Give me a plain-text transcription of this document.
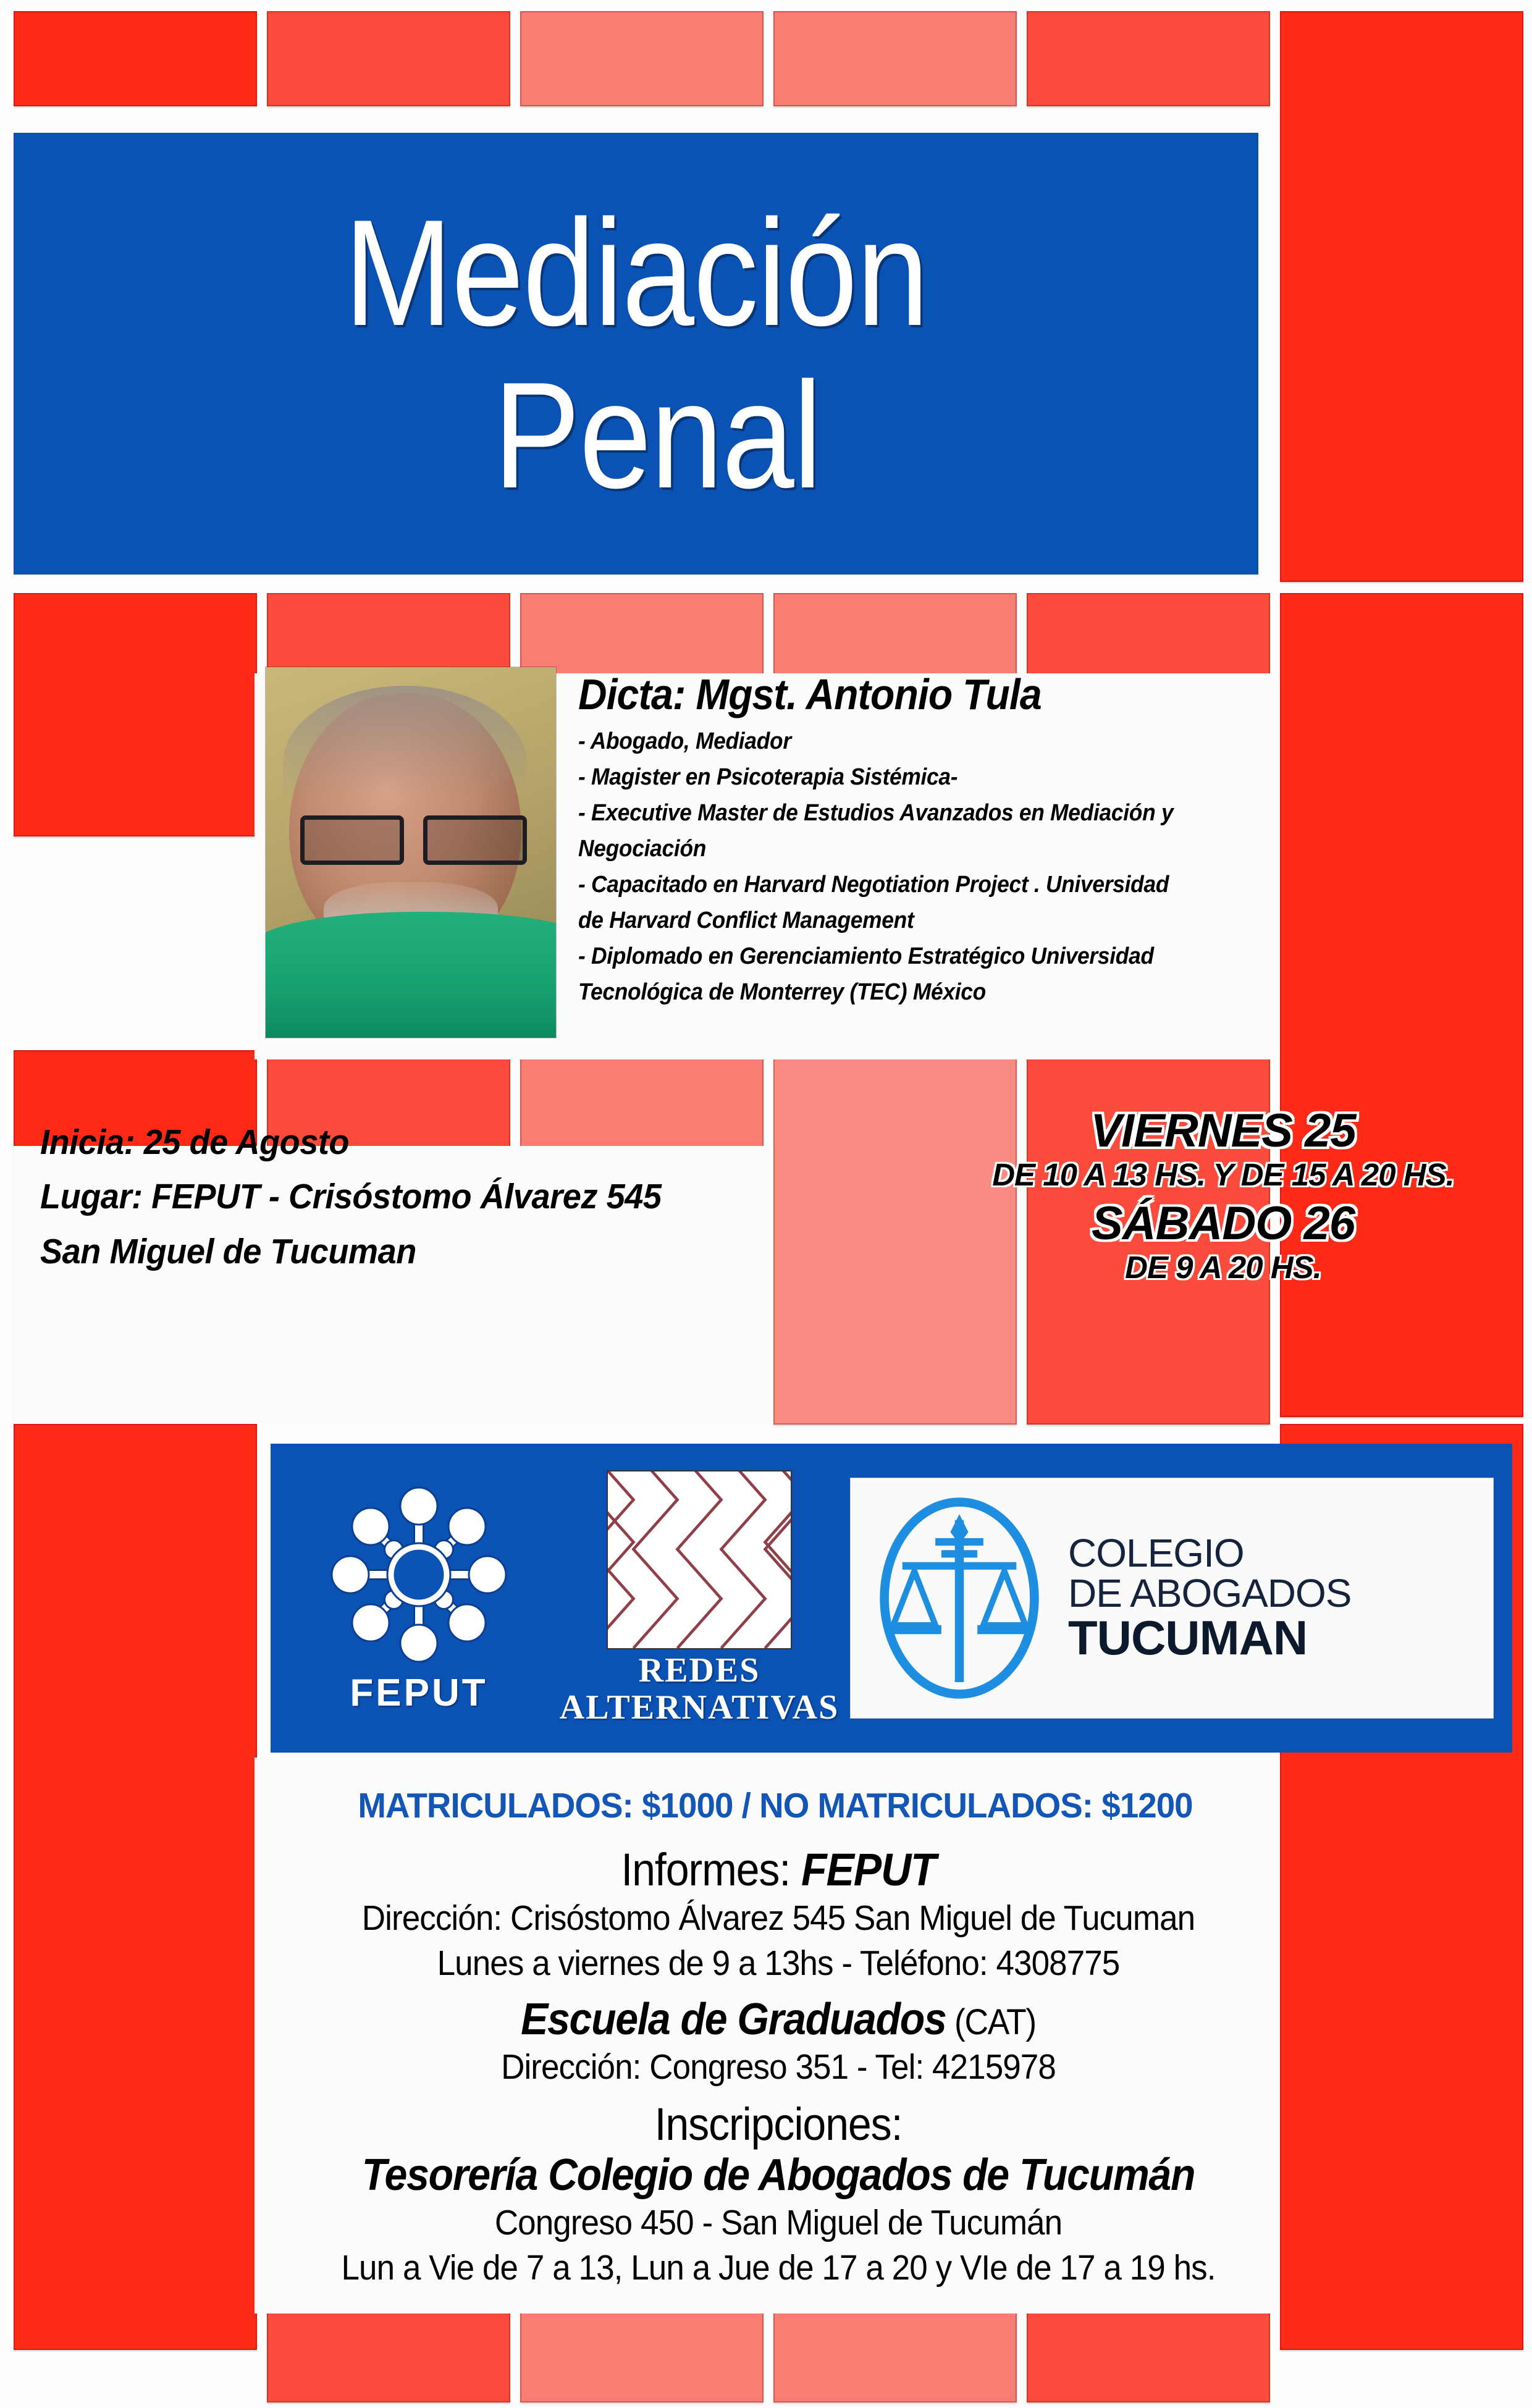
Mediación
Penal
Dicta: Mgst. Antonio Tula

- Abogado, Mediador

- Magister en Psicoterapia Sistémica-

- Executive Master de Estudios Avanzados en Mediación y

Negociación

- Capacitado en Harvard Negotiation Project . Universidad

de Harvard Conflict Management

- Diplomado en Gerenciamiento Estratégico Universidad

Tecnológica de Monterrey (TEC) México

Inicia: 25 de Agosto
Lugar: FEPUT - Crisóstomo Álvarez 545
San Miguel de Tucuman
VIERNES 25
DE 10 A 13 HS. Y DE 15 A 20 HS.
SÁBADO 26
DE 9 A 20 HS.
FEPUT
REDES
ALTERNATIVAS
COLEGIO
DE ABOGADOS
TUCUMAN
MATRICULADOS: $1000 / NO MATRICULADOS: $1200
Informes: FEPUT
Dirección: Crisóstomo Álvarez 545 San Miguel de Tucuman
Lunes a viernes de 9 a 13hs - Teléfono: 4308775
Escuela de Graduados (CAT)
Dirección: Congreso 351 - Tel: 4215978
Inscripciones:
Tesorería Colegio de Abogados de Tucumán
Congreso 450 - San Miguel de Tucumán
Lun a Vie de 7 a 13, Lun a Jue de 17 a 20 y VIe de 17 a 19 hs.
